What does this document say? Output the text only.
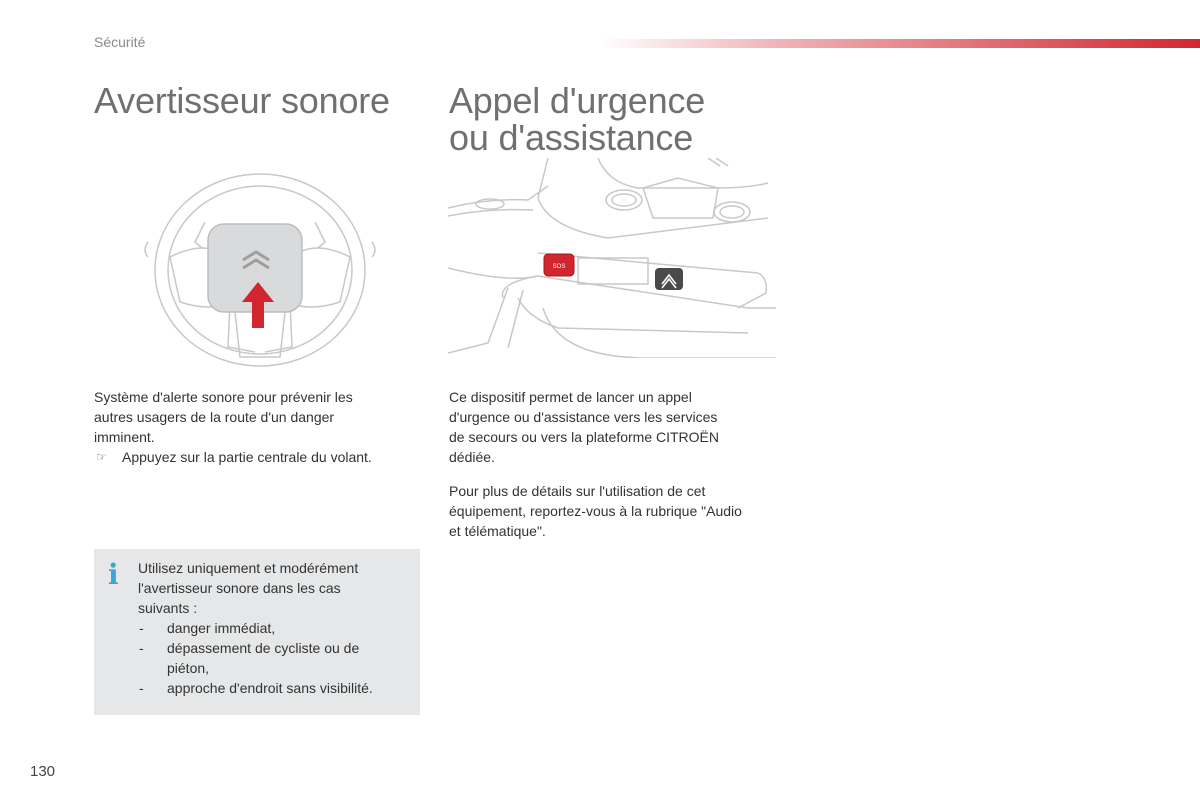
Sécurité
Avertisseur sonore
Système d'alerte sonore pour prévenir les
autres usagers de la route d'un danger
imminent.
☞ Appuyez sur la partie centrale du volant.
i Utilisez uniquement et modérément
l'avertisseur sonore dans les cas
suivants :
- danger immédiat,
- dépassement de cycliste ou de
piéton,
- approche d'endroit sans visibilité.
Appel d'urgence
ou d'assistance
SOS

Ce dispositif permet de lancer un appel
d'urgence ou d'assistance vers les services
de secours ou vers la plateforme CITROËN
dédiée.

Pour plus de détails sur l'utilisation de cet
équipement, reportez-vous à la rubrique "Audio
et télématique".

130
